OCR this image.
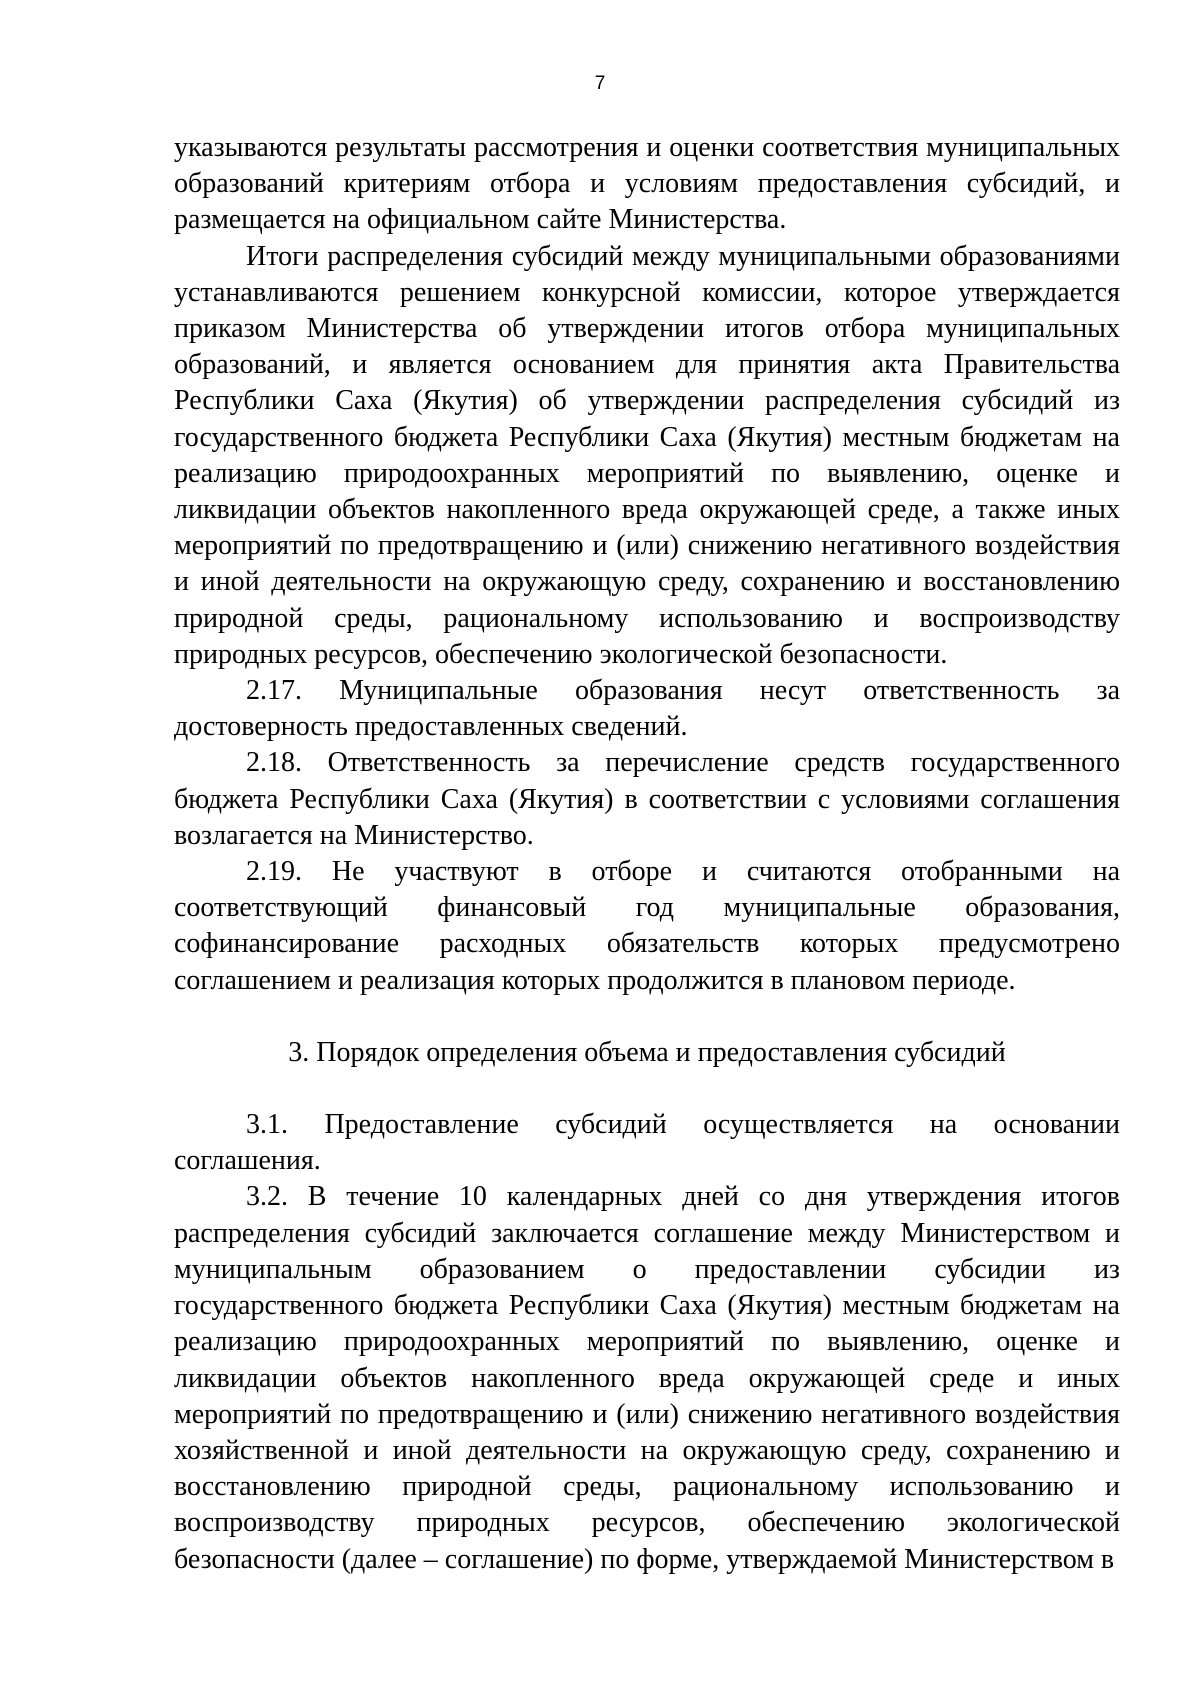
7

указываются результаты рассмотрения и оценки соответствия муниципальных образований критериям отбора и условиям предоставления субсидий, и размещается на официальном сайте Министерства.

Итоги распределения субсидий между муниципальными образованиями устанавливаются решением конкурсной комиссии, которое утверждается приказом Министерства об утверждении итогов отбора муниципальных образований, и является основанием для принятия акта Правительства Республики Саха (Якутия) об утверждении распределения субсидий из государственного бюджета Республики Саха (Якутия) местным бюджетам на реализацию природоохранных мероприятий по выявлению, оценке и ликвидации объектов накопленного вреда окружающей среде, а также иных мероприятий по предотвращению и (или) снижению негативного воздействия и иной деятельности на окружающую среду, сохранению и восстановлению природной среды, рациональному использованию и воспроизводству природных ресурсов, обеспечению экологической безопасности.

2.17. Муниципальные образования несут ответственность за достоверность предоставленных сведений.

2.18. Ответственность за перечисление средств государственного бюджета Республики Саха (Якутия) в соответствии с условиями соглашения возлагается на Министерство.

2.19. Не участвуют в отборе и считаются отобранными на соответствующий финансовый год муниципальные образования, софинансирование расходных обязательств которых предусмотрено соглашением и реализация которых продолжится в плановом периоде.

3. Порядок определения объема и предоставления субсидий

3.1. Предоставление субсидий осуществляется на основании соглашения.

3.2. В течение 10 календарных дней со дня утверждения итогов распределения субсидий заключается соглашение между Министерством и муниципальным образованием о предоставлении субсидии из государственного бюджета Республики Саха (Якутия) местным бюджетам на реализацию природоохранных мероприятий по выявлению, оценке и ликвидации объектов накопленного вреда окружающей среде и иных мероприятий по предотвращению и (или) снижению негативного воздействия хозяйственной и иной деятельности на окружающую среду, сохранению и восстановлению природной среды, рациональному использованию и воспроизводству природных ресурсов, обеспечению экологической безопасности (далее – соглашение) по форме, утверждаемой Министерством в
